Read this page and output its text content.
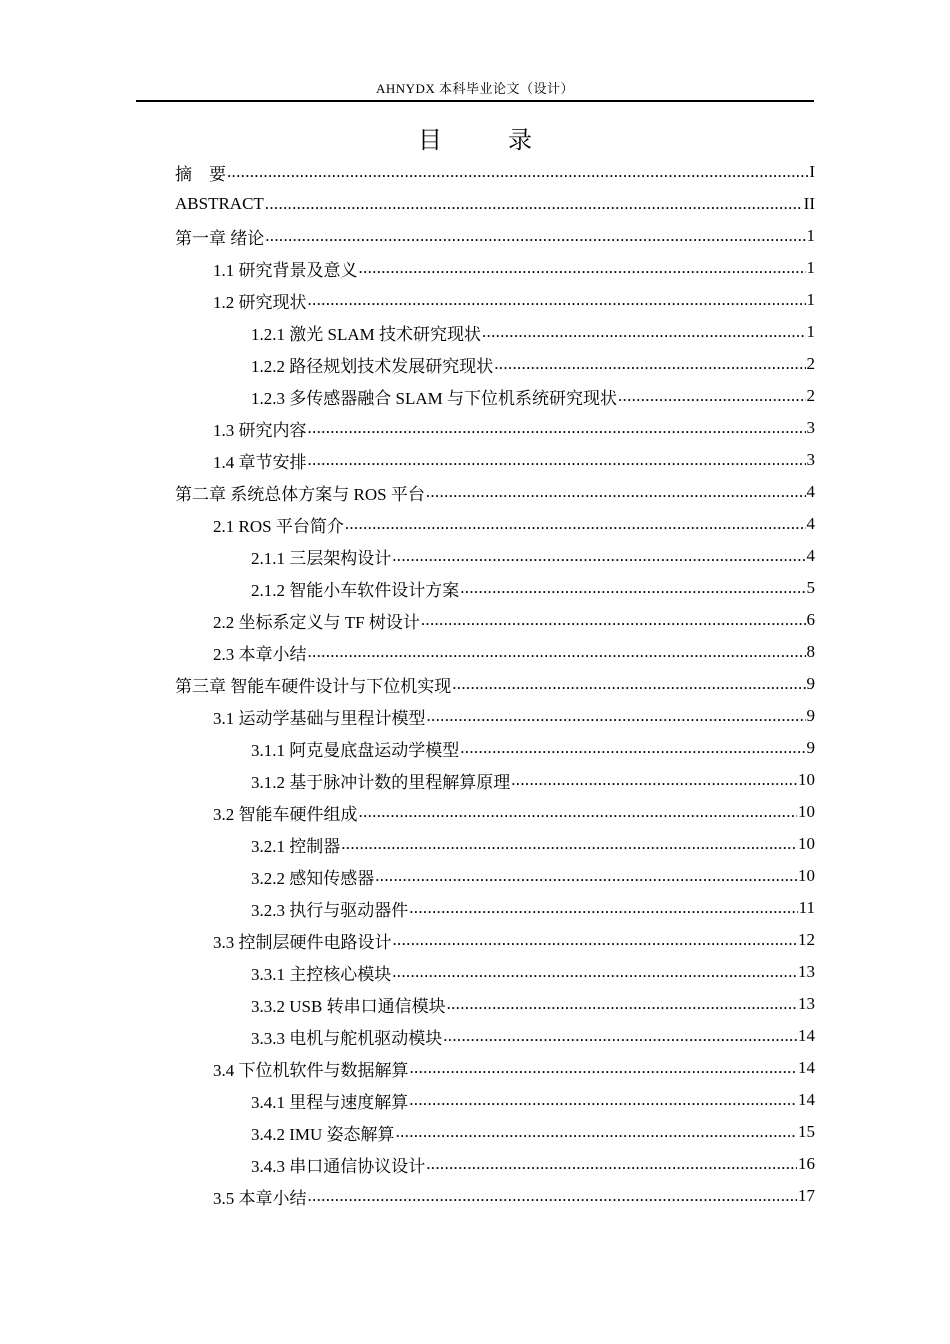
AHNYDX 本科毕业论文（设计）
目 录
摘　要 .....	I
ABSTRACT .....	II
第一章 绪论 .....	1
1.1 研究背景及意义 .....	1
1.2 研究现状 .....	1
1.2.1 激光 SLAM 技术研究现状 .....	1
1.2.2 路径规划技术发展研究现状 .....	2
1.2.3 多传感器融合 SLAM 与下位机系统研究现状 .....	2
1.3 研究内容 .....	3
1.4 章节安排 .....	3
第二章 系统总体方案与 ROS 平台 .....	4
2.1 ROS 平台简介 .....	4
2.1.1 三层架构设计 .....	4
2.1.2 智能小车软件设计方案 .....	5
2.2 坐标系定义与 TF 树设计 .....	6
2.3 本章小结 .....	8
第三章 智能车硬件设计与下位机实现 .....	9
3.1 运动学基础与里程计模型 .....	9
3.1.1 阿克曼底盘运动学模型 .....	9
3.1.2 基于脉冲计数的里程解算原理 .....	10
3.2 智能车硬件组成 .....	10
3.2.1 控制器 .....	10
3.2.2 感知传感器 .....	10
3.2.3 执行与驱动器件 .....	11
3.3 控制层硬件电路设计 .....	12
3.3.1 主控核心模块 .....	13
3.3.2 USB 转串口通信模块 .....	13
3.3.3 电机与舵机驱动模块 .....	14
3.4 下位机软件与数据解算 .....	14
3.4.1 里程与速度解算 .....	14
3.4.2 IMU 姿态解算 .....	15
3.4.3 串口通信协议设计 .....	16
3.5 本章小结 .....	17
